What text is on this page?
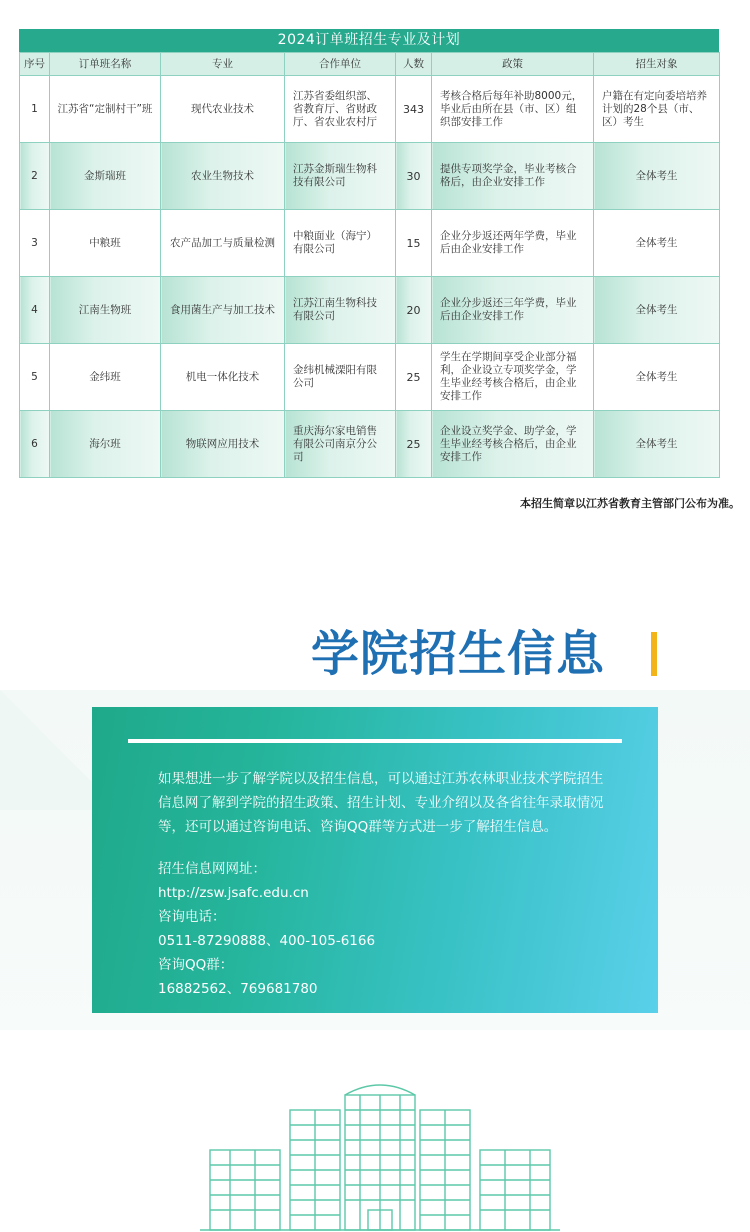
2024订单班招生专业及计划
序号	订单班名称	专业	合作单位	人数	政策	招生对象
1	江苏省“定制村干”班	现代农业技术	江苏省委组织部、省教育厅、省财政厅、省农业农村厅	343	考核合格后每年补助8000元，毕业后由所在县（市、区）组织部安排工作	户籍在有定向委培培养计划的28个县（市、区）考生
2	金斯瑞班	农业生物技术	江苏金斯瑞生物科技有限公司	30	提供专项奖学金，毕业考核合格后，由企业安排工作	全体考生
3	中粮班	农产品加工与质量检测	中粮面业（海宁）有限公司	15	企业分步返还两年学费，毕业后由企业安排工作	全体考生
4	江南生物班	食用菌生产与加工技术	江苏江南生物科技有限公司	20	企业分步返还三年学费，毕业后由企业安排工作	全体考生
5	金纬班	机电一体化技术	金纬机械溧阳有限公司	25	学生在学期间享受企业部分福利，企业设立专项奖学金，学生毕业经考核合格后，由企业安排工作	全体考生
6	海尔班	物联网应用技术	重庆海尔家电销售有限公司南京分公司	25	企业设立奖学金、助学金，学生毕业经考核合格后，由企业安排工作	全体考生
本招生简章以江苏省教育主管部门公布为准。
学院招生信息

如果想进一步了解学院以及招生信息，可以通过江苏农林职业技术学院招生信息网了解到学院的招生政策、招生计划、专业介绍以及各省往年录取情况等，还可以通过咨询电话、咨询QQ群等方式进一步了解招生信息。

招生信息网网址：
http://zsw.jsafc.edu.cn
咨询电话：
0511-87290888、400-105-6166
咨询QQ群：
16882562、769681780
